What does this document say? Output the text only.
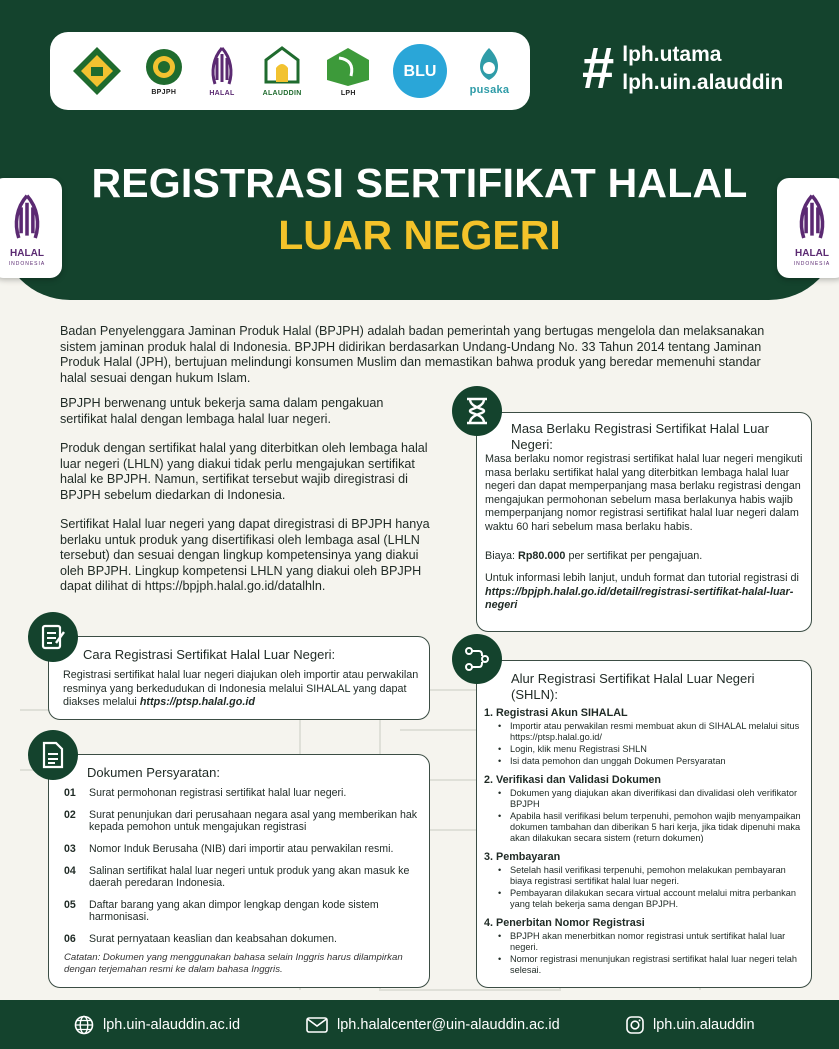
BPJPH	HALAL	ALAUDDIN	LPH
BLU
pusaka # lph.utama
lph.uin.alauddin
REGISTRASI SERTIFIKAT HALAL
LUAR NEGERI
HALAL
INDONESIA
HALAL
INDONESIA

Badan Penyelenggara Jaminan Produk Halal (BPJPH) adalah badan pemerintah yang bertugas mengelola dan melaksanakan sistem jaminan produk halal di Indonesia. BPJPH didirikan berdasarkan Undang-Undang No. 33 Tahun 2014 tentang Jaminan Produk Halal (JPH), bertujuan melindungi konsumen Muslim dan memastikan bahwa produk yang beredar memenuhi standar halal sesuai dengan hukum Islam.

BPJPH berwenang untuk bekerja sama dalam pengakuan sertifikat halal dengan lembaga halal luar negeri.

Produk dengan sertifikat halal yang diterbitkan oleh lembaga halal luar negeri (LHLN) yang diakui tidak perlu mengajukan sertifikat halal ke BPJPH. Namun, sertifikat tersebut wajib diregistrasi di BPJPH sebelum diedarkan di Indonesia.

Sertifikat Halal luar negeri yang dapat diregistrasi di BPJPH hanya berlaku untuk produk yang disertifikasi oleh lembaga asal (LHLN tersebut) dan sesuai dengan lingkup kompetensinya yang diakui oleh BPJPH. Lingkup kompetensi LHLN yang diakui oleh BPJPH dapat dilihat di https://bpjph.halal.go.id/datalhln.

Masa Berlaku Registrasi Sertifikat Halal Luar Negeri:
Masa berlaku nomor registrasi sertifikat halal luar negeri mengikuti masa berlaku sertifikat halal yang diterbitkan lembaga halal luar negeri dan dapat memperpanjang masa berlaku registrasi dengan mengajukan permohonan sebelum masa berlakunya habis wajib memperpanjang nomor registrasi sertifikat halal luar negeri dalam waktu 60 hari sebelum masa berlaku habis.
Biaya: Rp80.000 per sertifikat per pengajuan.
Untuk informasi lebih lanjut, unduh format dan tutorial registrasi di https://bpjph.halal.go.id/detail/registrasi-sertifikat-halal-luar-negeri
Cara Registrasi Sertifikat Halal Luar Negeri:
Registrasi sertifikat halal luar negeri diajukan oleh importir atau perwakilan resminya yang berkedudukan di Indonesia melalui SIHALAL yang dapat diakses melalui https://ptsp.halal.go.id
Dokumen Persyaratan:
01	Surat permohonan registrasi sertifikat halal luar negeri.
02	Surat penunjukan dari perusahaan negara asal yang memberikan hak kepada pemohon untuk mengajukan registrasi
03	Nomor Induk Berusaha (NIB) dari importir atau perwakilan resmi.
04	Salinan sertifikat halal luar negeri untuk produk yang akan masuk ke daerah peredaran Indonesia.
05	Daftar barang yang akan dimpor lengkap dengan kode sistem harmonisasi.
06	Surat pernyataan keaslian dan keabsahan dokumen.
Catatan: Dokumen yang menggunakan bahasa selain Inggris harus dilampirkan dengan terjemahan resmi ke dalam bahasa Inggris.
Alur Registrasi Sertifikat Halal Luar Negeri (SHLN):
1. Registrasi Akun SIHALAL
• Importir atau perwakilan resmi membuat akun di SIHALAL melalui situs https://ptsp.halal.go.id/
• Login, klik menu Registrasi SHLN
• Isi data pemohon dan unggah Dokumen Persyaratan
2. Verifikasi dan Validasi Dokumen
• Dokumen yang diajukan akan diverifikasi dan divalidasi oleh verifikator BPJPH
• Apabila hasil verifikasi belum terpenuhi, pemohon wajib menyampaikan dokumen tambahan dan diberikan 5 hari kerja, jika tidak dipenuhi maka akan dilakukan secara sistem (return dokumen)
3. Pembayaran
• Setelah hasil verifikasi terpenuhi, pemohon melakukan pembayaran biaya registrasi sertifikat halal luar negeri.
• Pembayaran dilakukan secara virtual account melalui mitra perbankan yang telah bekerja sama dengan BPJPH.
4. Penerbitan Nomor Registrasi
• BPJPH akan menerbitkan nomor registrasi untuk sertifikat halal luar negeri.
• Nomor registrasi menunjukan registrasi sertifikat halal luar negeri telah selesai.
lph.uin-alauddin.ac.id	lph.halalcenter@uin-alauddin.ac.id	lph.uin.alauddin
